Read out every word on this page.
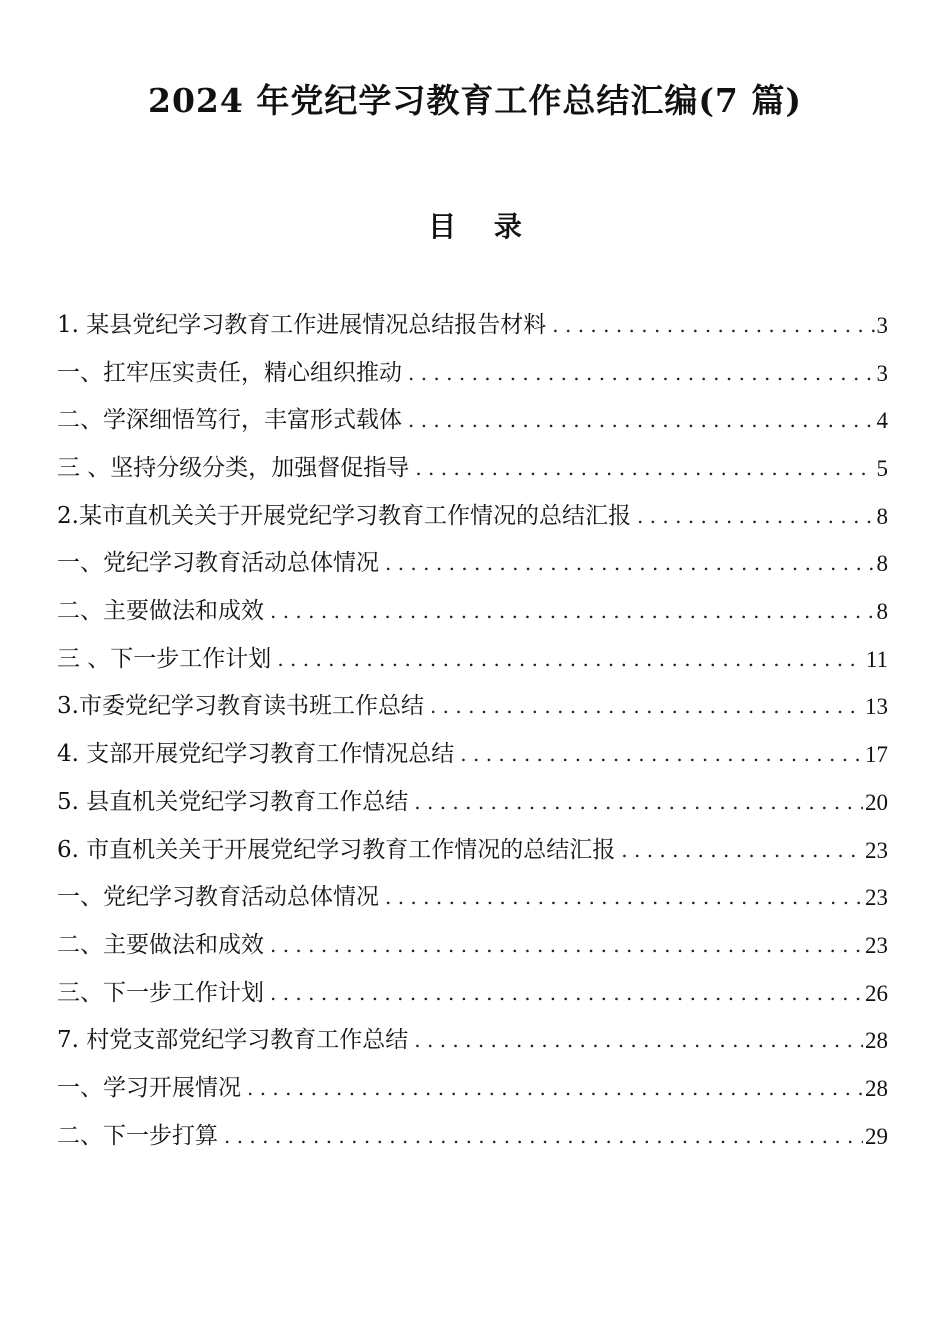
2024 年党纪学习教育工作总结汇编(7 篇)
目 录
1. 某县党纪学习教育工作进展情况总结报告材料 . . .	3
一、扛牢压实责任，精心组织推动 . . .	3
二、学深细悟笃行，丰富形式载体 . . .	4
三 、坚持分级分类，加强督促指导 . . .	5
2.某市直机关关于开展党纪学习教育工作情况的总结汇报 . . .	8
一、党纪学习教育活动总体情况 . . .	8
二、主要做法和成效 . . .	8
三 、下一步工作计划 . . .	11
3.市委党纪学习教育读书班工作总结 . . .	13
4. 支部开展党纪学习教育工作情况总结 . . .	17
5. 县直机关党纪学习教育工作总结 . . .	20
6. 市直机关关于开展党纪学习教育工作情况的总结汇报 . . .	23
一、党纪学习教育活动总体情况 . . .	23
二、主要做法和成效 . . .	23
三、下一步工作计划 . . .	26
7. 村党支部党纪学习教育工作总结 . . .	28
一、学习开展情况 . . .	28
二、下一步打算 . . .	29
